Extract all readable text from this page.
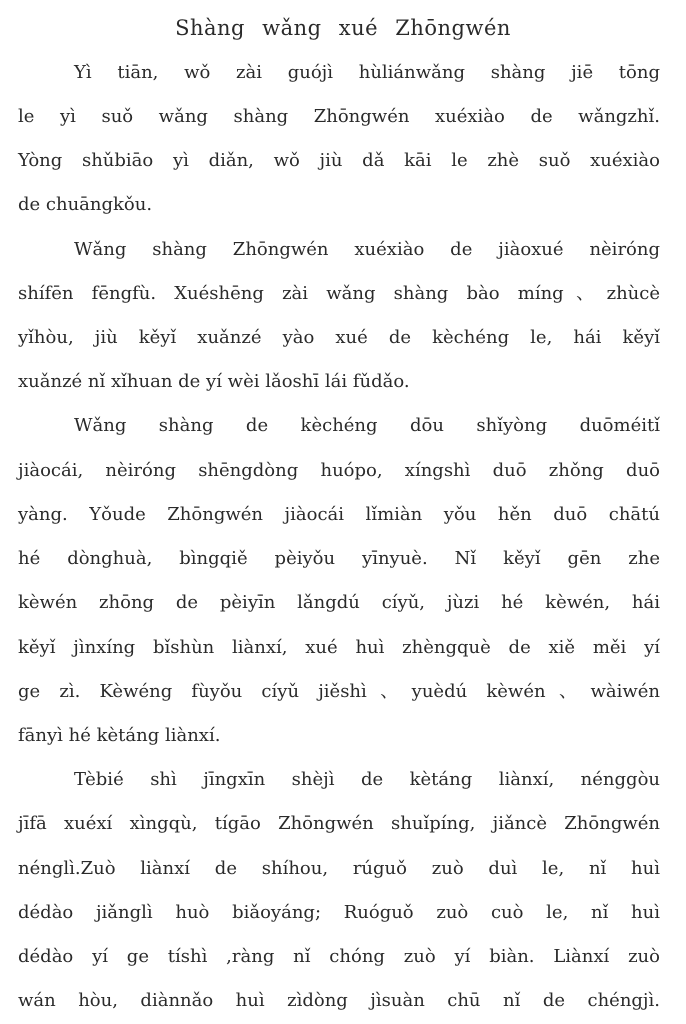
Shàng wǎng xué Zhōngwén
Yì tiān, wǒ zài guójì hùliánwǎng shàng jiē tōng
le yì suǒ wǎng shàng Zhōngwén xuéxiào de wǎngzhǐ.
Yòng shǔbiāo yì diǎn, wǒ jiù dǎ kāi le zhè suǒ xuéxiào
de chuāngkǒu.
Wǎng shàng Zhōngwén xuéxiào de jiàoxué nèiróng
shífēn fēngfù. Xuéshēng zài wǎng shàng bào míng、zhùcè
yǐhòu, jiù kěyǐ xuǎnzé yào xué de kèchéng le, hái kěyǐ
xuǎnzé nǐ xǐhuan de yí wèi lǎoshī lái fǔdǎo.
Wǎng shàng de kèchéng dōu shǐyòng duōméitǐ
jiàocái, nèiróng shēngdòng huópo, xíngshì duō zhǒng duō
yàng. Yǒude Zhōngwén jiàocái lǐmiàn yǒu hěn duō chātú
hé dònghuà, bìngqiě pèiyǒu yīnyuè. Nǐ kěyǐ gēn zhe
kèwén zhōng de pèiyīn lǎngdú cíyǔ, jùzi hé kèwén, hái
kěyǐ jìnxíng bǐshùn liànxí, xué huì zhèngquè de xiě měi yí
ge zì. Kèwéng fùyǒu cíyǔ jiěshì、yuèdú kèwén、wàiwén
fānyì hé kètáng liànxí.
Tèbié shì jīngxīn shèjì de kètáng liànxí, nénggòu
jīfā xuéxí xìngqù, tígāo Zhōngwén shuǐpíng, jiǎncè Zhōngwén
nénglì.Zuò liànxí de shíhou, rúguǒ zuò duì le, nǐ huì
dédào jiǎnglì huò biǎoyáng; Ruóguǒ zuò cuò le, nǐ huì
dédào yí ge tíshì ,ràng nǐ chóng zuò yí biàn. Liànxí zuò
wán hòu, diànnǎo huì zìdòng jìsuàn chū nǐ de chéngjì.
